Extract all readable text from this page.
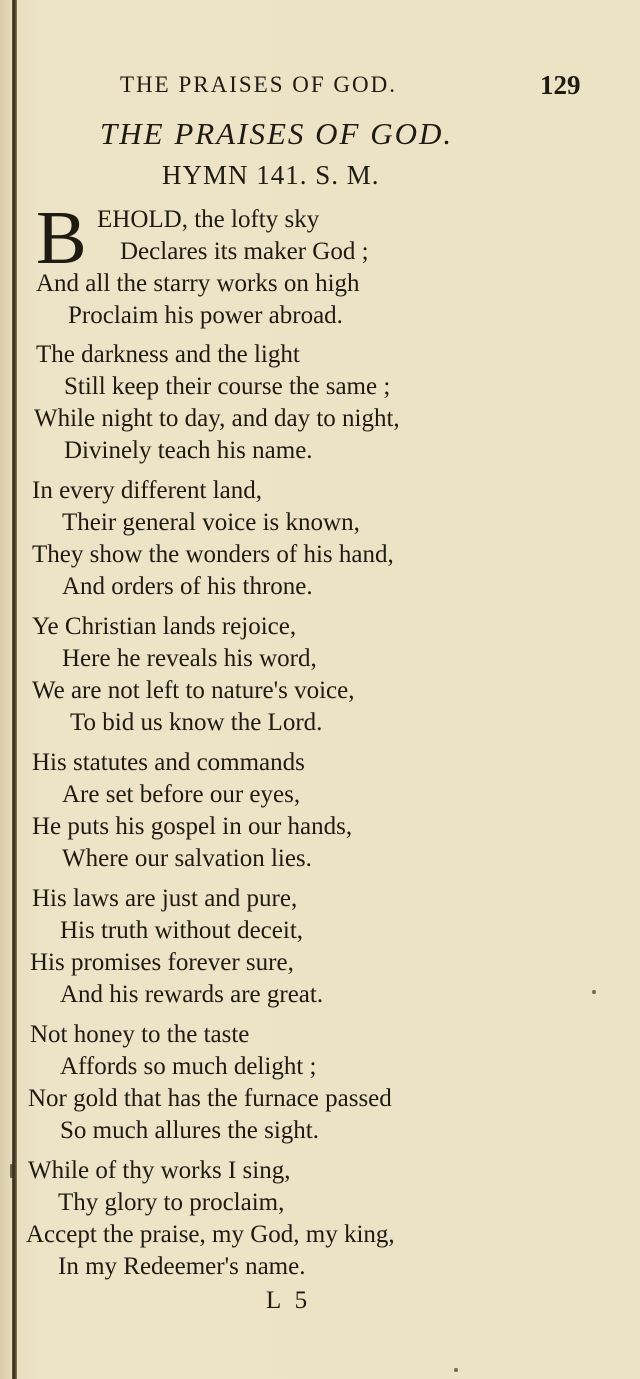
THE PRAISES OF GOD.	129
THE PRAISES OF GOD.
HYMN 141. S. M.
B EHOLD, the lofty sky
Declares its maker God ;
And all the starry works on high
Proclaim his power abroad.
The darkness and the light
Still keep their course the same ;
While night to day, and day to night,
Divinely teach his name.
In every different land,
Their general voice is known,
They show the wonders of his hand,
And orders of his throne.
Ye Christian lands rejoice,
Here he reveals his word,
We are not left to nature's voice,
To bid us know the Lord.
His statutes and commands
Are set before our eyes,
He puts his gospel in our hands,
Where our salvation lies.
His laws are just and pure,
His truth without deceit,
His promises forever sure,
And his rewards are great.
Not honey to the taste
Affords so much delight ;
Nor gold that has the furnace passed
So much allures the sight.
While of thy works I sing,
Thy glory to proclaim,
Accept the praise, my God, my king,
In my Redeemer's name.
L 5
